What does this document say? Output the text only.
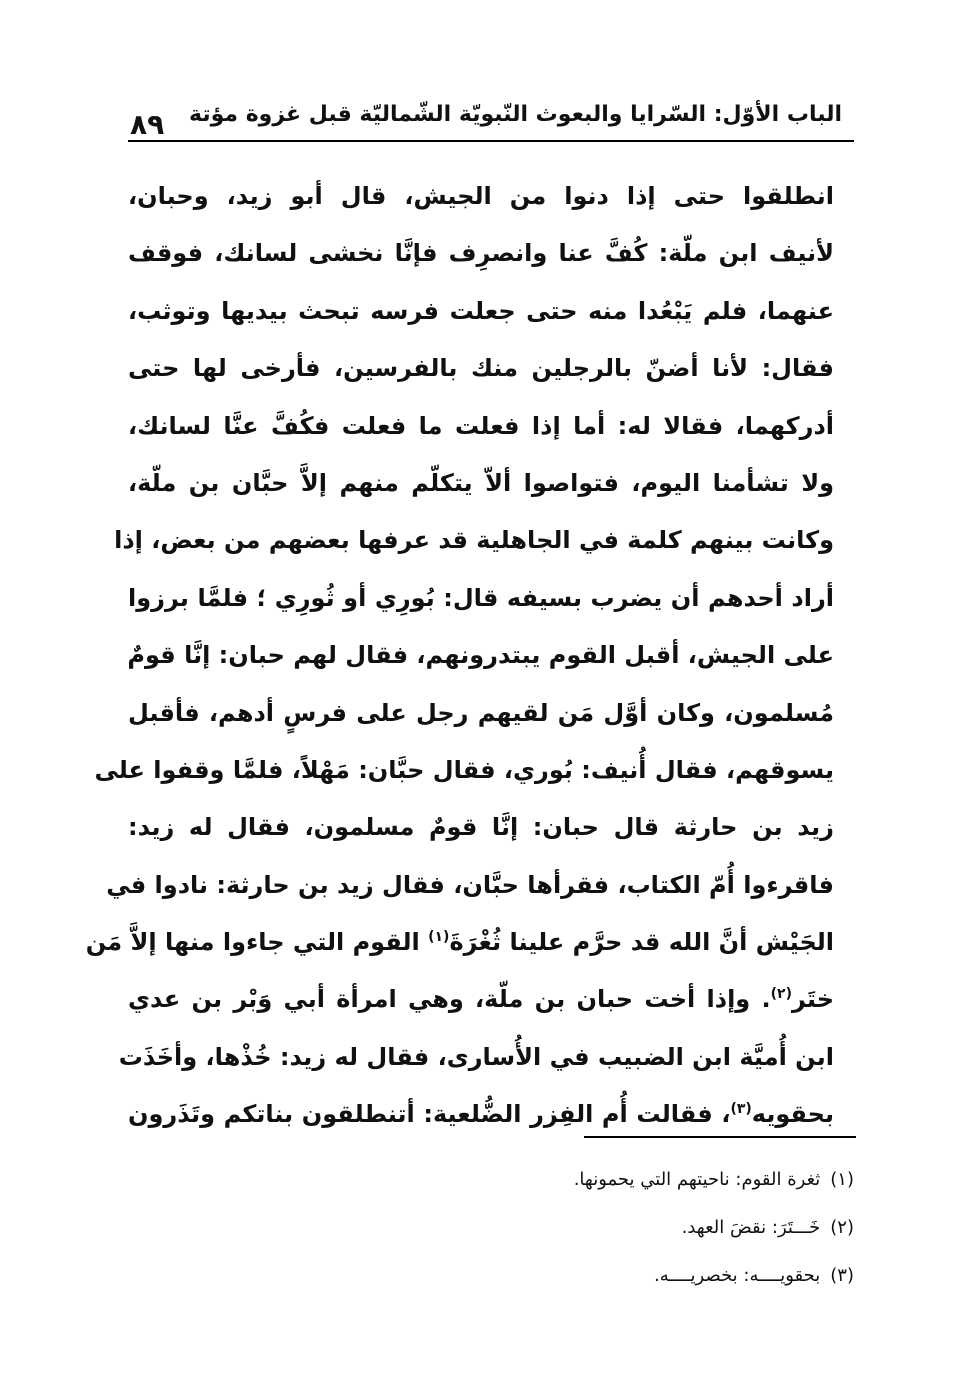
٨٩ الباب الأوّل: السّرايا والبعوث النّبويّة الشّماليّة قبل غزوة مؤتة
انطلقوا حتى إذا دنوا من الجيش، قال أبو زيد، وحبان،
لأنيف ابن ملّة: كُفَّ عنا وانصرِف فإنَّا نخشى لسانك، فوقف
عنهما، فلم يَبْعُدا منه حتى جعلت فرسه تبحث بيديها وتوثب،
فقال: لأنا أضنّ بالرجلين منك بالفرسين، فأرخى لها حتى
أدركهما، فقالا له: أما إذا فعلت ما فعلت فكُفَّ عنَّا لسانك،
ولا تشأمنا اليوم، فتواصوا ألاّ يتكلّم منهم إلاَّ حبَّان بن ملّة،
وكانت بينهم كلمة في الجاهلية قد عرفها بعضهم من بعض، إذا
أراد أحدهم أن يضرب بسيفه قال: بُورِي أو ثُورِي ؛ فلمَّا برزوا
على الجيش، أقبل القوم يبتدرونهم، فقال لهم حبان: إنَّا قومٌ
مُسلمون، وكان أوَّل مَن لقيهم رجل على فرسٍ أدهم، فأقبل
يسوقهم، فقال أُنيف: بُوري، فقال حبَّان: مَهْلاً، فلمَّا وقفوا على
زيد بن حارثة قال حبان: إنَّا قومٌ مسلمون، فقال له زيد:
فاقرءوا أُمّ الكتاب، فقرأها حبَّان، فقال زيد بن حارثة: نادوا في
الجَيْش أنَّ الله قد حرَّم علينا ثُغْرَةَ$^{(١)}$ القوم التي جاءوا منها إلاَّ مَن
ختَر$^{(٢)}$. وإذا أخت حبان بن ملّة، وهي امرأة أبي وَبْر بن عدي
ابن أُميَّة ابن الضبيب في الأُسارى، فقال له زيد: خُذْها، وأخَذَت
بحقويه$^{(٣)}$، فقالت أُم الفِزر الضُّلعية: أتنطلقون بناتكم وتَذَرون
(١)ثغرة القوم: ناحيتهم التي يحمونها.
(٢)خَـــتَرَ: نقضَ العهد.
(٣)بحقويــــه: بخصريــــه.
